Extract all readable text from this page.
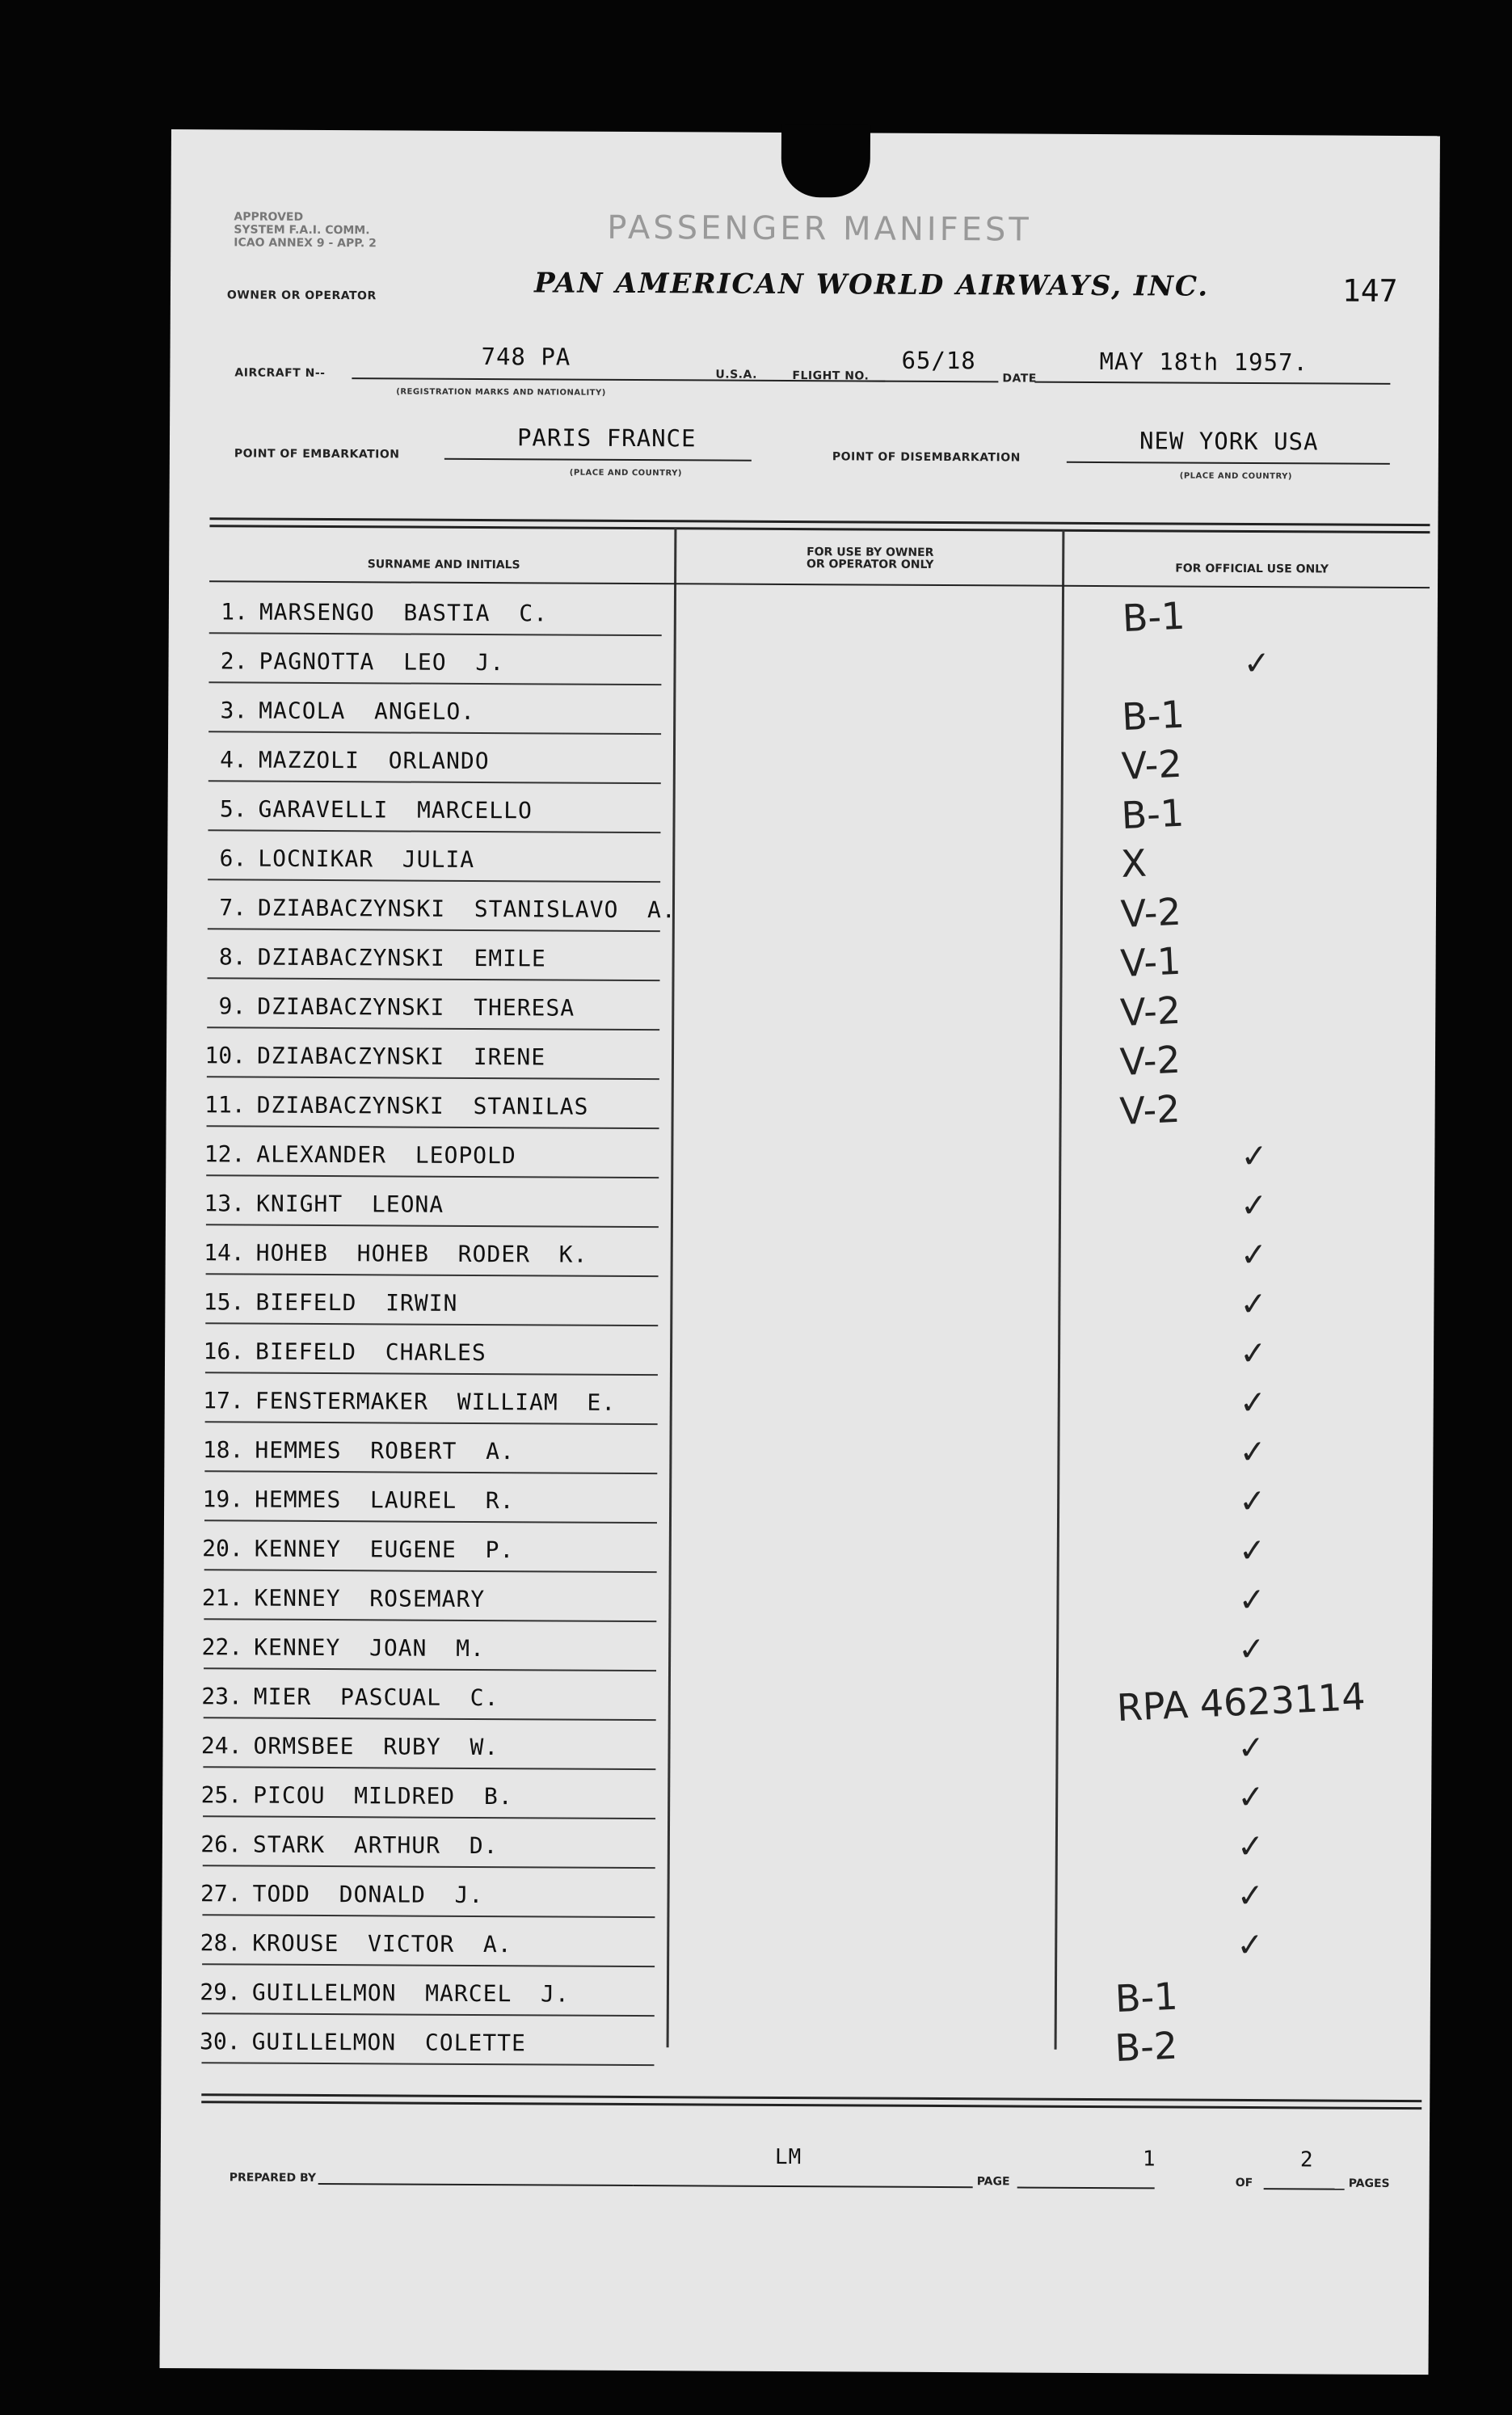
APPROVED
SYSTEM F.A.I. COMM.
ICAO ANNEX 9 - APP. 2	PASSENGER MANIFEST
147
OWNER OR OPERATOR	PAN AMERICAN WORLD AIRWAYS, INC.
AIRCRAFT N--
748 PA
(REGISTRATION MARKS AND NATIONALITY)
U.S.A.	FLIGHT NO.
65/18
DATE
MAY 18th 1957.
POINT OF EMBARKATION
PARIS FRANCE
(PLACE AND COUNTRY)
POINT OF DISEMBARKATION
NEW YORK USA
(PLACE AND COUNTRY)
SURNAME AND INITIALS
FOR USE BY OWNER
OR OPERATOR ONLY	FOR OFFICIAL USE ONLY
1. MARSENGO  BASTIA  C.	B-1
2. PAGNOTTA  LEO  J.	✓
3. MACOLA  ANGELO.	B-1
4. MAZZOLI  ORLANDO	V-2
5. GARAVELLI  MARCELLO	B-1
6. LOCNIKAR  JULIA	X
7. DZIABACZYNSKI  STANISLAVO  A.	V-2
8. DZIABACZYNSKI  EMILE	V-1
9. DZIABACZYNSKI  THERESA	V-2
10. DZIABACZYNSKI  IRENE	V-2
11. DZIABACZYNSKI  STANILAS	V-2
12. ALEXANDER  LEOPOLD	✓
13. KNIGHT  LEONA	✓
14. HOHEB  HOHEB  RODER  K.	✓
15. BIEFELD  IRWIN	✓
16. BIEFELD  CHARLES	✓
17. FENSTERMAKER  WILLIAM  E.	✓
18. HEMMES  ROBERT  A.	✓
19. HEMMES  LAUREL  R.	✓
20. KENNEY  EUGENE  P.	✓
21. KENNEY  ROSEMARY	✓
22. KENNEY  JOAN  M.	✓
23. MIER  PASCUAL  C.	RPA 4623114
24. ORMSBEE  RUBY  W.	✓
25. PICOU  MILDRED  B.	✓
26. STARK  ARTHUR  D.	✓
27. TODD  DONALD  J.	✓
28. KROUSE  VICTOR  A.	✓
29. GUILLELMON  MARCEL  J.	B-1
30. GUILLELMON  COLETTE	B-2
PREPARED BY
LM
PAGE
1
OF
2
PAGES
